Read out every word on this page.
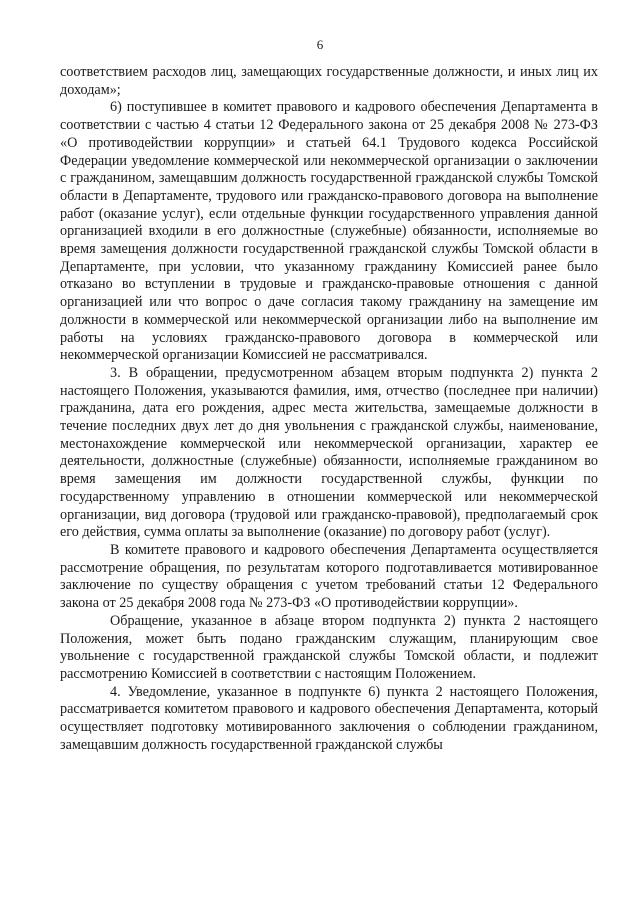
6

соответствием расходов лиц, замещающих государственные должности, и иных лиц их доходам»;

6) поступившее в комитет правового и кадрового обеспечения Департамента в соответствии с частью 4 статьи 12 Федерального закона от 25 декабря 2008 № 273-ФЗ «О противодействии коррупции» и статьей 64.1 Трудового кодекса Российской Федерации уведомление коммерческой или некоммерческой организации о заключении с гражданином, замещавшим должность государственной гражданской службы Томской области в Департаменте, трудового или гражданско-правового договора на выполнение работ (оказание услуг), если отдельные функции государственного управления данной организацией входили в его должностные (служебные) обязанности, исполняемые во время замещения должности государственной гражданской службы Томской области в Департаменте, при условии, что указанному гражданину Комиссией ранее было отказано во вступлении в трудовые и гражданско-правовые отношения с данной организацией или что вопрос о даче согласия такому гражданину на замещение им должности в коммерческой или некоммерческой организации либо на выполнение им работы на условиях гражданско-правового договора в коммерческой или некоммерческой организации Комиссией не рассматривался.

3. В обращении, предусмотренном абзацем вторым подпункта 2) пункта 2 настоящего Положения, указываются фамилия, имя, отчество (последнее при наличии) гражданина, дата его рождения, адрес места жительства, замещаемые должности в течение последних двух лет до дня увольнения с гражданской службы, наименование, местонахождение коммерческой или некоммерческой организации, характер ее деятельности, должностные (служебные) обязанности, исполняемые гражданином во время замещения им должности государственной службы, функции по государственному управлению в отношении коммерческой или некоммерческой организации, вид договора (трудовой или гражданско-правовой), предполагаемый срок его действия, сумма оплаты за выполнение (оказание) по договору работ (услуг).

В комитете правового и кадрового обеспечения Департамента осуществляется рассмотрение обращения, по результатам которого подготавливается мотивированное заключение по существу обращения с учетом требований статьи 12 Федерального закона от 25 декабря 2008 года № 273-ФЗ «О противодействии коррупции».

Обращение, указанное в абзаце втором подпункта 2) пункта 2 настоящего Положения, может быть подано гражданским служащим, планирующим свое увольнение с государственной гражданской службы Томской области, и подлежит рассмотрению Комиссией в соответствии с настоящим Положением.

4. Уведомление, указанное в подпункте 6) пункта 2 настоящего Положения, рассматривается комитетом правового и кадрового обеспечения Департамента, который осуществляет подготовку мотивированного заключения о соблюдении гражданином, замещавшим должность государственной гражданской службы
